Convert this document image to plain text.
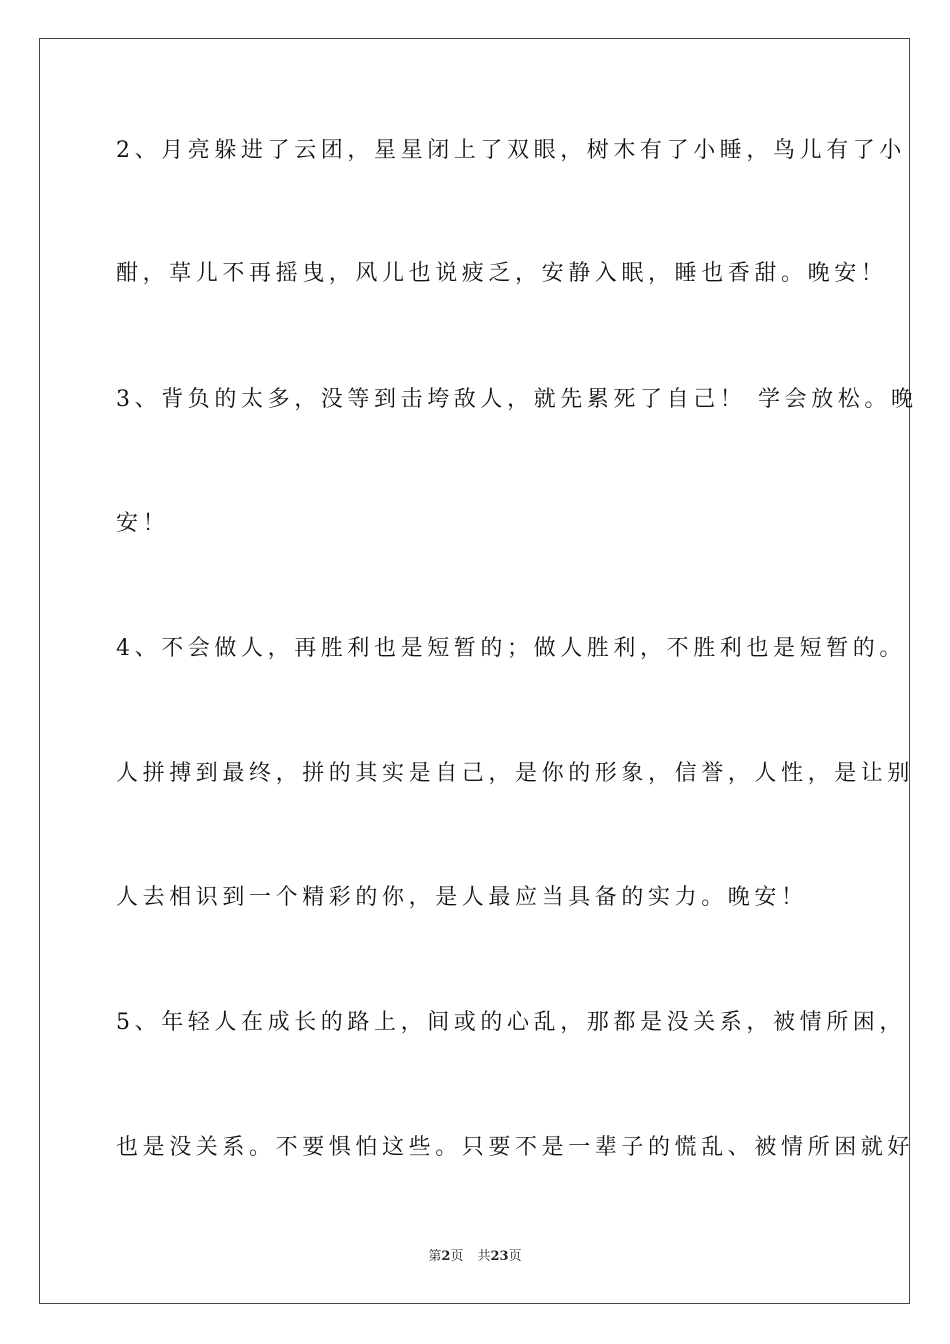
2、月亮躲进了云团，星星闭上了双眼，树木有了小睡，鸟儿有了小
酣，草儿不再摇曳，风儿也说疲乏，安静入眠，睡也香甜。晚安！
3、背负的太多，没等到击垮敌人，就先累死了自己！ 学会放松。晚
安！
4、不会做人，再胜利也是短暂的；做人胜利，不胜利也是短暂的。
人拼搏到最终，拼的其实是自己，是你的形象，信誉，人性，是让别
人去相识到一个精彩的你，是人最应当具备的实力。晚安！
5、年轻人在成长的路上，间或的心乱，那都是没关系，被情所困，
也是没关系。不要惧怕这些。只要不是一辈子的慌乱、被情所困就好
第2页 共23页
